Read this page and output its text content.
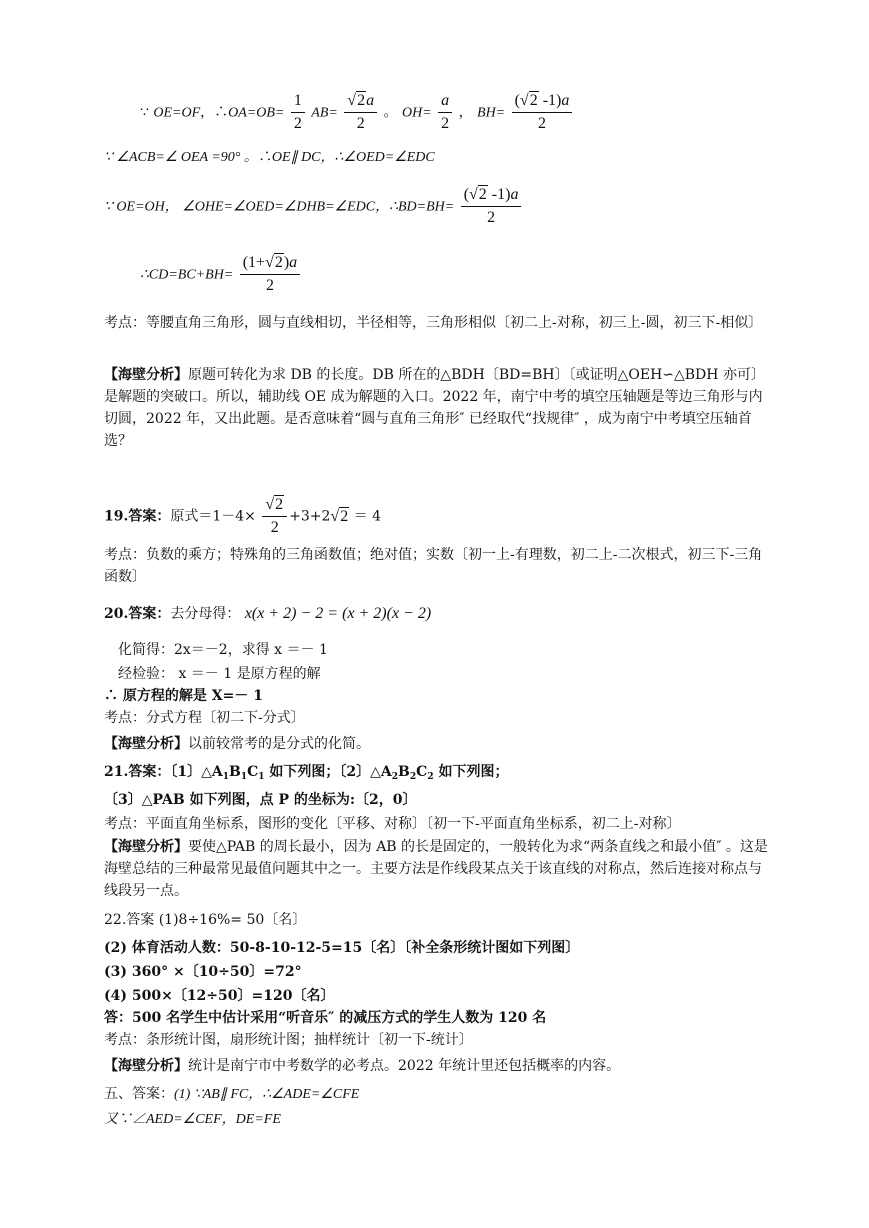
∵ OE=OF，∴OA=OB= $\frac{1}{2} AB= \frac{√2a}{2}$ 。 $OH= \frac{a}{2}$ ， $BH= \frac{(√2 -1)a}{2}$
∵ ∠ACB=∠ OEA =90° 。∴OE∥ DC，∴∠OED=∠EDC
∵ OE=OH， ∠OHE=∠OED=∠DHB=∠EDC，∴BD=BH= $\frac{(√2 -1)a}{2}$
∴CD=BC+BH= $\frac{(1+√2)a}{2}$
考点：等腰直角三角形，圆与直线相切，半径相等，三角形相似〔初二上-对称，初三上-圆，初三下-相似〕
【海壁分析】原题可转化为求 DB 的长度。DB 所在的△BDH〔BD=BH〕〔或证明△OEH∽△BDH 亦可〕是解题的突破口。所以，辅助线 OE 成为解题的入口。2022 年，南宁中考的填空压轴题是等边三角形与内切圆，2022 年，又出此题。是否意味着“圆与直角三角形″ 已经取代“找规律″ ，成为南宁中考填空压轴首选？
19.答案：原式$=1-4\times \frac{√2}{2} +3+2√2 = 4$
考点：负数的乘方；特殊角的三角函数值；绝对值；实数〔初一上-有理数，初二上-二次根式，初三下-三角函数〕
20.答案：去分母得： x(x + 2) − 2 = (x + 2)(x − 2)
化简得：2x＝－2，求得 x ＝－ 1
经检验： x ＝－ 1 是原方程的解
∴ 原方程的解是 X=－ 1
考点：分式方程〔初二下-分式〕
【海壁分析】以前较常考的是分式的化简。
21.答案：〔1〕$\triangle A_1B_1C_1$ 如下列图；〔2〕$\triangle A_2B_2C_2$ 如下列图；
〔3〕△PAB 如下列图，点 P 的坐标为:〔2，0〕
考点：平面直角坐标系，图形的变化〔平移、对称〕〔初一下-平面直角坐标系，初二上-对称〕
【海壁分析】要使△PAB 的周长最小，因为 AB 的长是固定的，一般转化为求“两条直线之和最小值″ 。这是海壁总结的三种最常见最值问题其中之一。主要方法是作线段某点关于该直线的对称点，然后连接对称点与线段另一点。
22.答案 (1)8÷16%= 50〔名〕
(2) 体育活动人数：50-8-10-12-5=15〔名〕〔补全条形统计图如下列图〕
(3) 360° ×〔10÷50〕=72°
(4) 500×〔12÷50〕=120〔名〕
答：500 名学生中估计采用“听音乐″ 的减压方式的学生人数为 120 名
考点：条形统计图，扇形统计图；抽样统计〔初一下-统计〕
【海壁分析】统计是南宁市中考数学的必考点。2022 年统计里还包括概率的内容。
五、答案：(1) ∵AB∥ FC，∴∠ADE=∠CFE
又∵∠AED=∠CEF，DE=FE
